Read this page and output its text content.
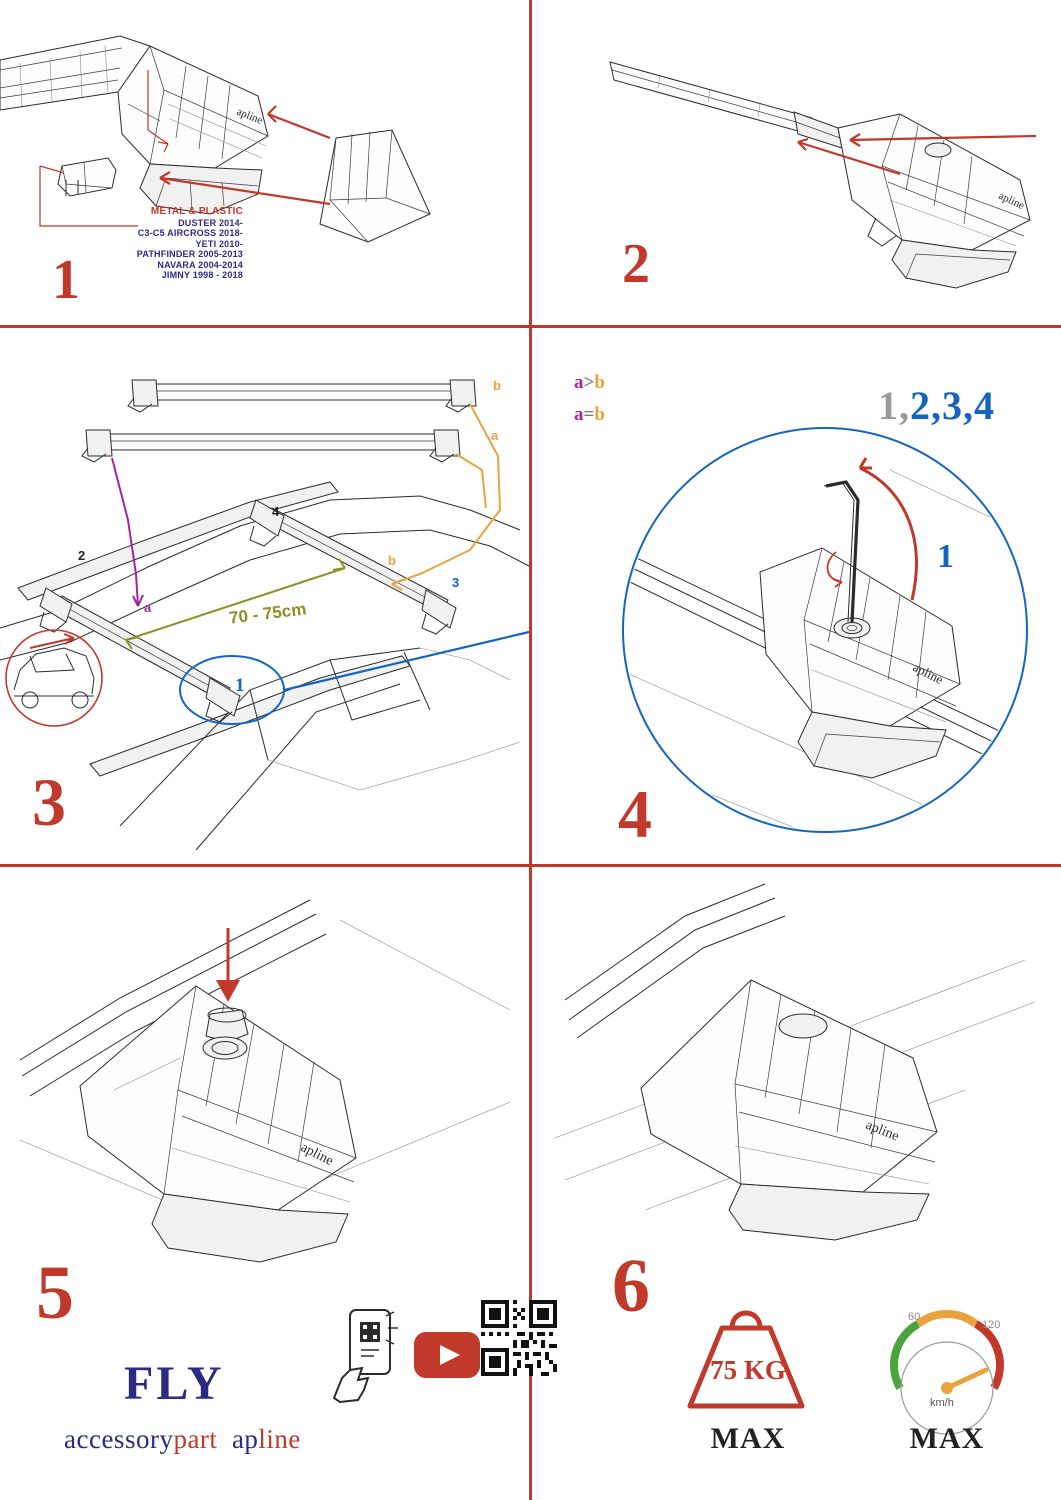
apline
METAL & PLASTIC
DUSTER 2014-
C3-C5 AIRCROSS 2018-
YETI 2010-
PATHFINDER 2005-2013
NAVARA 2004-2014
JIMNY 1998 - 2018
1
apline
2
a>b
a=b
b
a
a
b
2
4
3
1
70 - 75cm
3
apline
1,2,3,4
1
4
apline
5
apline
6
FLY
accessorypart apline
75 KG
MAX
60
120
km/h
MAX
